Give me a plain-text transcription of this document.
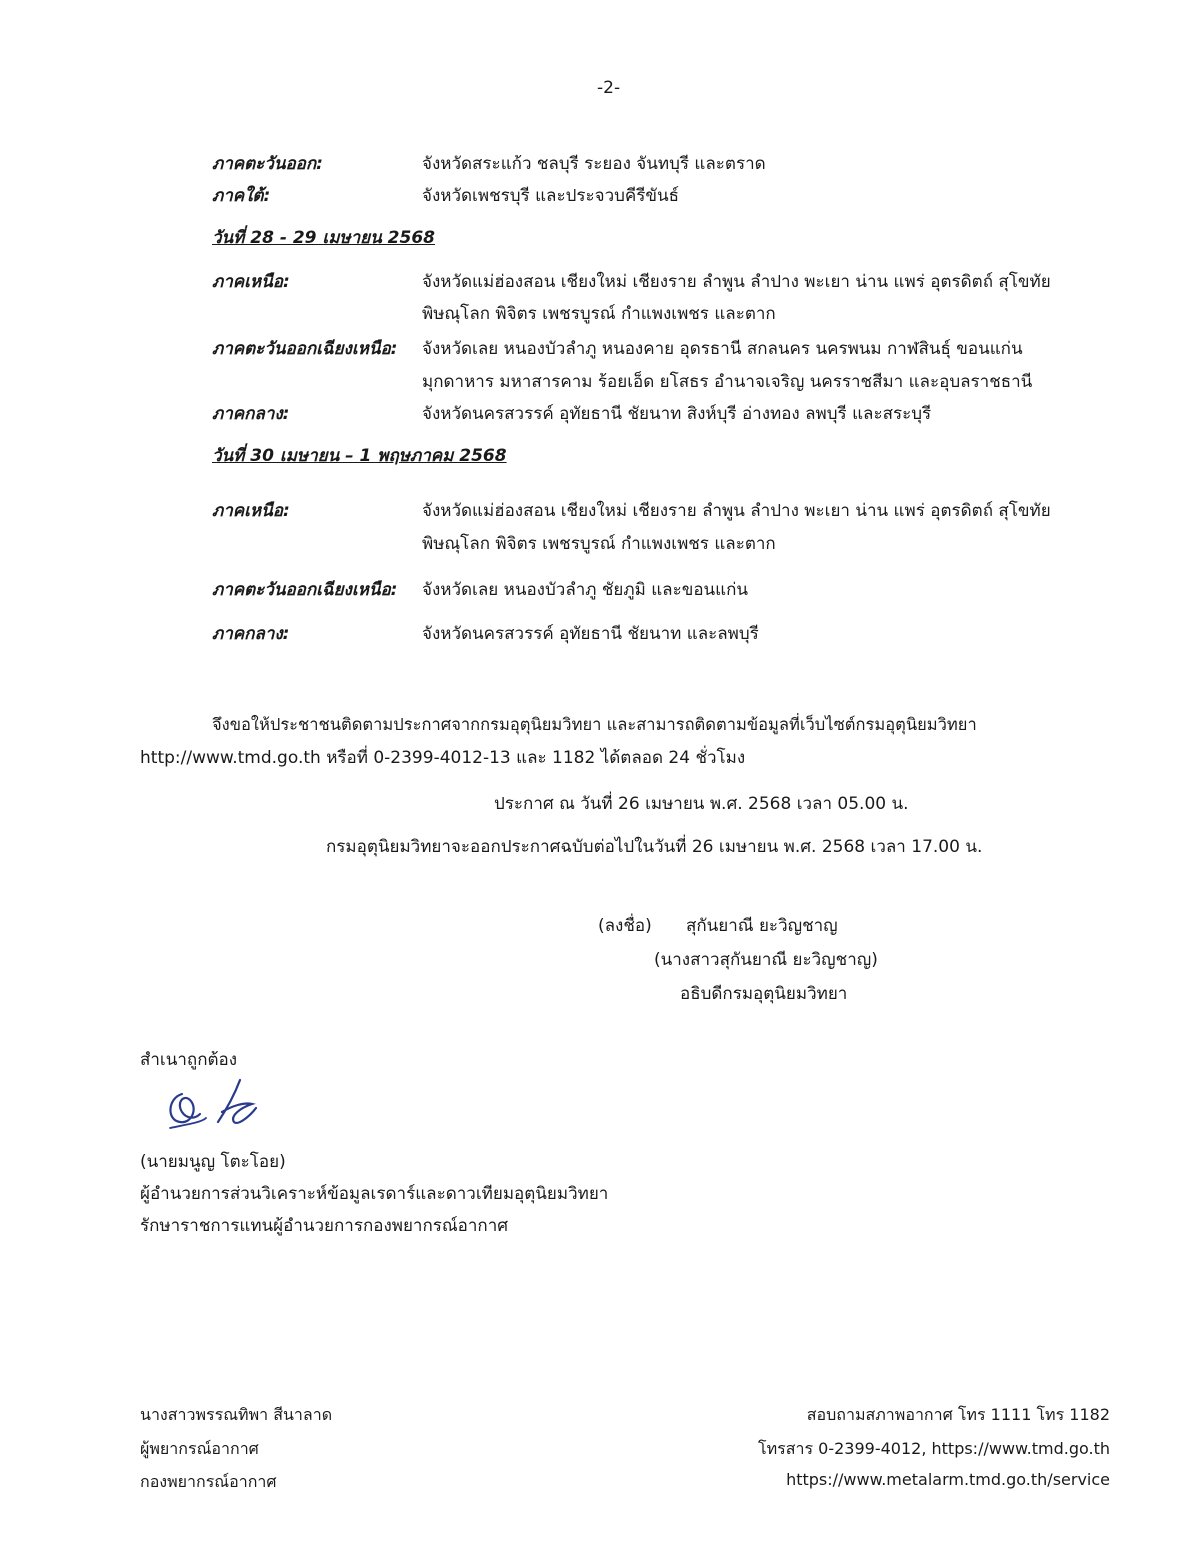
-2-
ภาคตะวันออก:	จังหวัดสระแก้ว ชลบุรี ระยอง จันทบุรี และตราด
ภาคใต้:	จังหวัดเพชรบุรี และประจวบคีรีขันธ์
วันที่ 28 - 29 เมษายน 2568
ภาคเหนือ:	จังหวัดแม่ฮ่องสอน เชียงใหม่ เชียงราย ลำพูน ลำปาง พะเยา น่าน แพร่ อุตรดิตถ์ สุโขทัย
พิษณุโลก พิจิตร เพชรบูรณ์ กำแพงเพชร และตาก
ภาคตะวันออกเฉียงเหนือ: จังหวัดเลย หนองบัวลำภู หนองคาย อุดรธานี สกลนคร นครพนม กาฬสินธุ์ ขอนแก่น
มุกดาหาร มหาสารคาม ร้อยเอ็ด ยโสธร อำนาจเจริญ นครราชสีมา และอุบลราชธานี
ภาคกลาง:	จังหวัดนครสวรรค์ อุทัยธานี ชัยนาท สิงห์บุรี อ่างทอง ลพบุรี และสระบุรี
วันที่ 30 เมษายน – 1 พฤษภาคม 2568
ภาคเหนือ:	จังหวัดแม่ฮ่องสอน เชียงใหม่ เชียงราย ลำพูน ลำปาง พะเยา น่าน แพร่ อุตรดิตถ์ สุโขทัย
พิษณุโลก พิจิตร เพชรบูรณ์ กำแพงเพชร และตาก
ภาคตะวันออกเฉียงเหนือ: จังหวัดเลย หนองบัวลำภู ชัยภูมิ และขอนแก่น
ภาคกลาง:	จังหวัดนครสวรรค์ อุทัยธานี ชัยนาท และลพบุรี
จึงขอให้ประชาชนติดตามประกาศจากกรมอุตุนิยมวิทยา และสามารถติดตามข้อมูลที่เว็บไซต์กรมอุตุนิยมวิทยา
http://www.tmd.go.th หรือที่ 0-2399-4012-13 และ 1182 ได้ตลอด 24 ชั่วโมง
ประกาศ ณ วันที่ 26 เมษายน พ.ศ. 2568 เวลา 05.00 น.
กรมอุตุนิยมวิทยาจะออกประกาศฉบับต่อไปในวันที่ 26 เมษายน พ.ศ. 2568 เวลา 17.00 น.
(ลงชื่อ) สุกันยาณี ยะวิญชาญ
(นางสาวสุกันยาณี ยะวิญชาญ)
อธิบดีกรมอุตุนิยมวิทยา
สำเนาถูกต้อง
(นายมนูญ โตะโอย)
ผู้อำนวยการส่วนวิเคราะห์ข้อมูลเรดาร์และดาวเทียมอุตุนิยมวิทยา
รักษาราชการแทนผู้อำนวยการกองพยากรณ์อากาศ
นางสาวพรรณทิพา สีนาลาด
ผู้พยากรณ์อากาศ
กองพยากรณ์อากาศ
สอบถามสภาพอากาศ โทร 1111 โทร 1182
โทรสาร 0-2399-4012, https://www.tmd.go.th
https://www.metalarm.tmd.go.th/service
